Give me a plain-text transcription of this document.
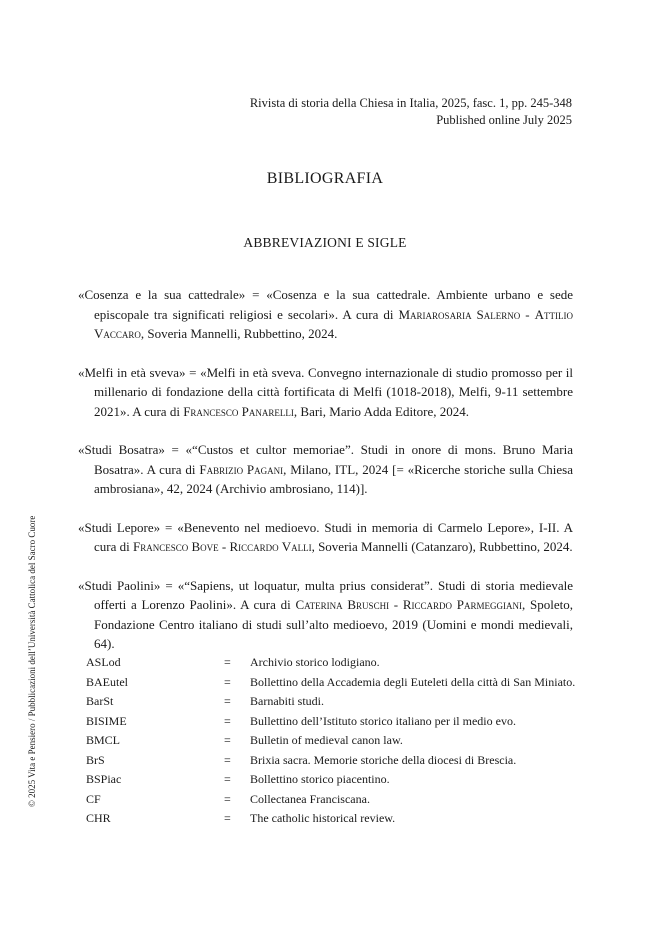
Rivista di storia della Chiesa in Italia, 2025, fasc. 1, pp. 245-348
Published online July 2025
BIBLIOGRAFIA
ABBREVIAZIONI E SIGLE
© 2025 Vita e Pensiero / Pubblicazioni dell’Università Cattolica del Sacro Cuore

«Cosenza e la sua cattedrale» = «Cosenza e la sua cattedrale. Ambiente urbano e sede episcopale tra significati religiosi e secolari». A cura di Mariarosaria Salerno - Attilio Vaccaro, Soveria Mannelli, Rubbettino, 2024.

«Melfi in età sveva» = «Melfi in età sveva. Convegno internazionale di studio promosso per il millenario di fondazione della città fortificata di Melfi (1018-2018), Melfi, 9-11 settembre 2021». A cura di Francesco Panarelli, Bari, Mario Adda Editore, 2024.

«Studi Bosatra» = «“Custos et cultor memoriae”. Studi in onore di mons. Bruno Maria Bosatra». A cura di Fabrizio Pagani, Milano, ITL, 2024 [= «Ricerche storiche sulla Chiesa ambrosiana», 42, 2024 (Archivio ambrosiano, 114)].

«Studi Lepore» = «Benevento nel medioevo. Studi in memoria di Carmelo Lepore», I-II. A cura di Francesco Bove - Riccardo Valli, Soveria Mannelli (Catanzaro), Rubbettino, 2024.

«Studi Paolini» = «“Sapiens, ut loquatur, multa prius considerat”. Studi di storia medievale offerti a Lorenzo Paolini». A cura di Caterina Bruschi - Riccardo Parmeggiani, Spoleto, Fondazione Centro italiano di studi sull’alto medioevo, 2019 (Uomini e mondi medievali, 64).

ASLod	=	Archivio storico lodigiano.
BAEutel	=	Bollettino della Accademia degli Euteleti della città di San Miniato.
BarSt	=	Barnabiti studi.
BISIME	=	Bullettino dell’Istituto storico italiano per il medio evo.
BMCL	=	Bulletin of medieval canon law.
BrS	=	Brixia sacra. Memorie storiche della diocesi di Brescia.
BSPiac	=	Bollettino storico piacentino.
CF	=	Collectanea Franciscana.
CHR	=	The catholic historical review.
